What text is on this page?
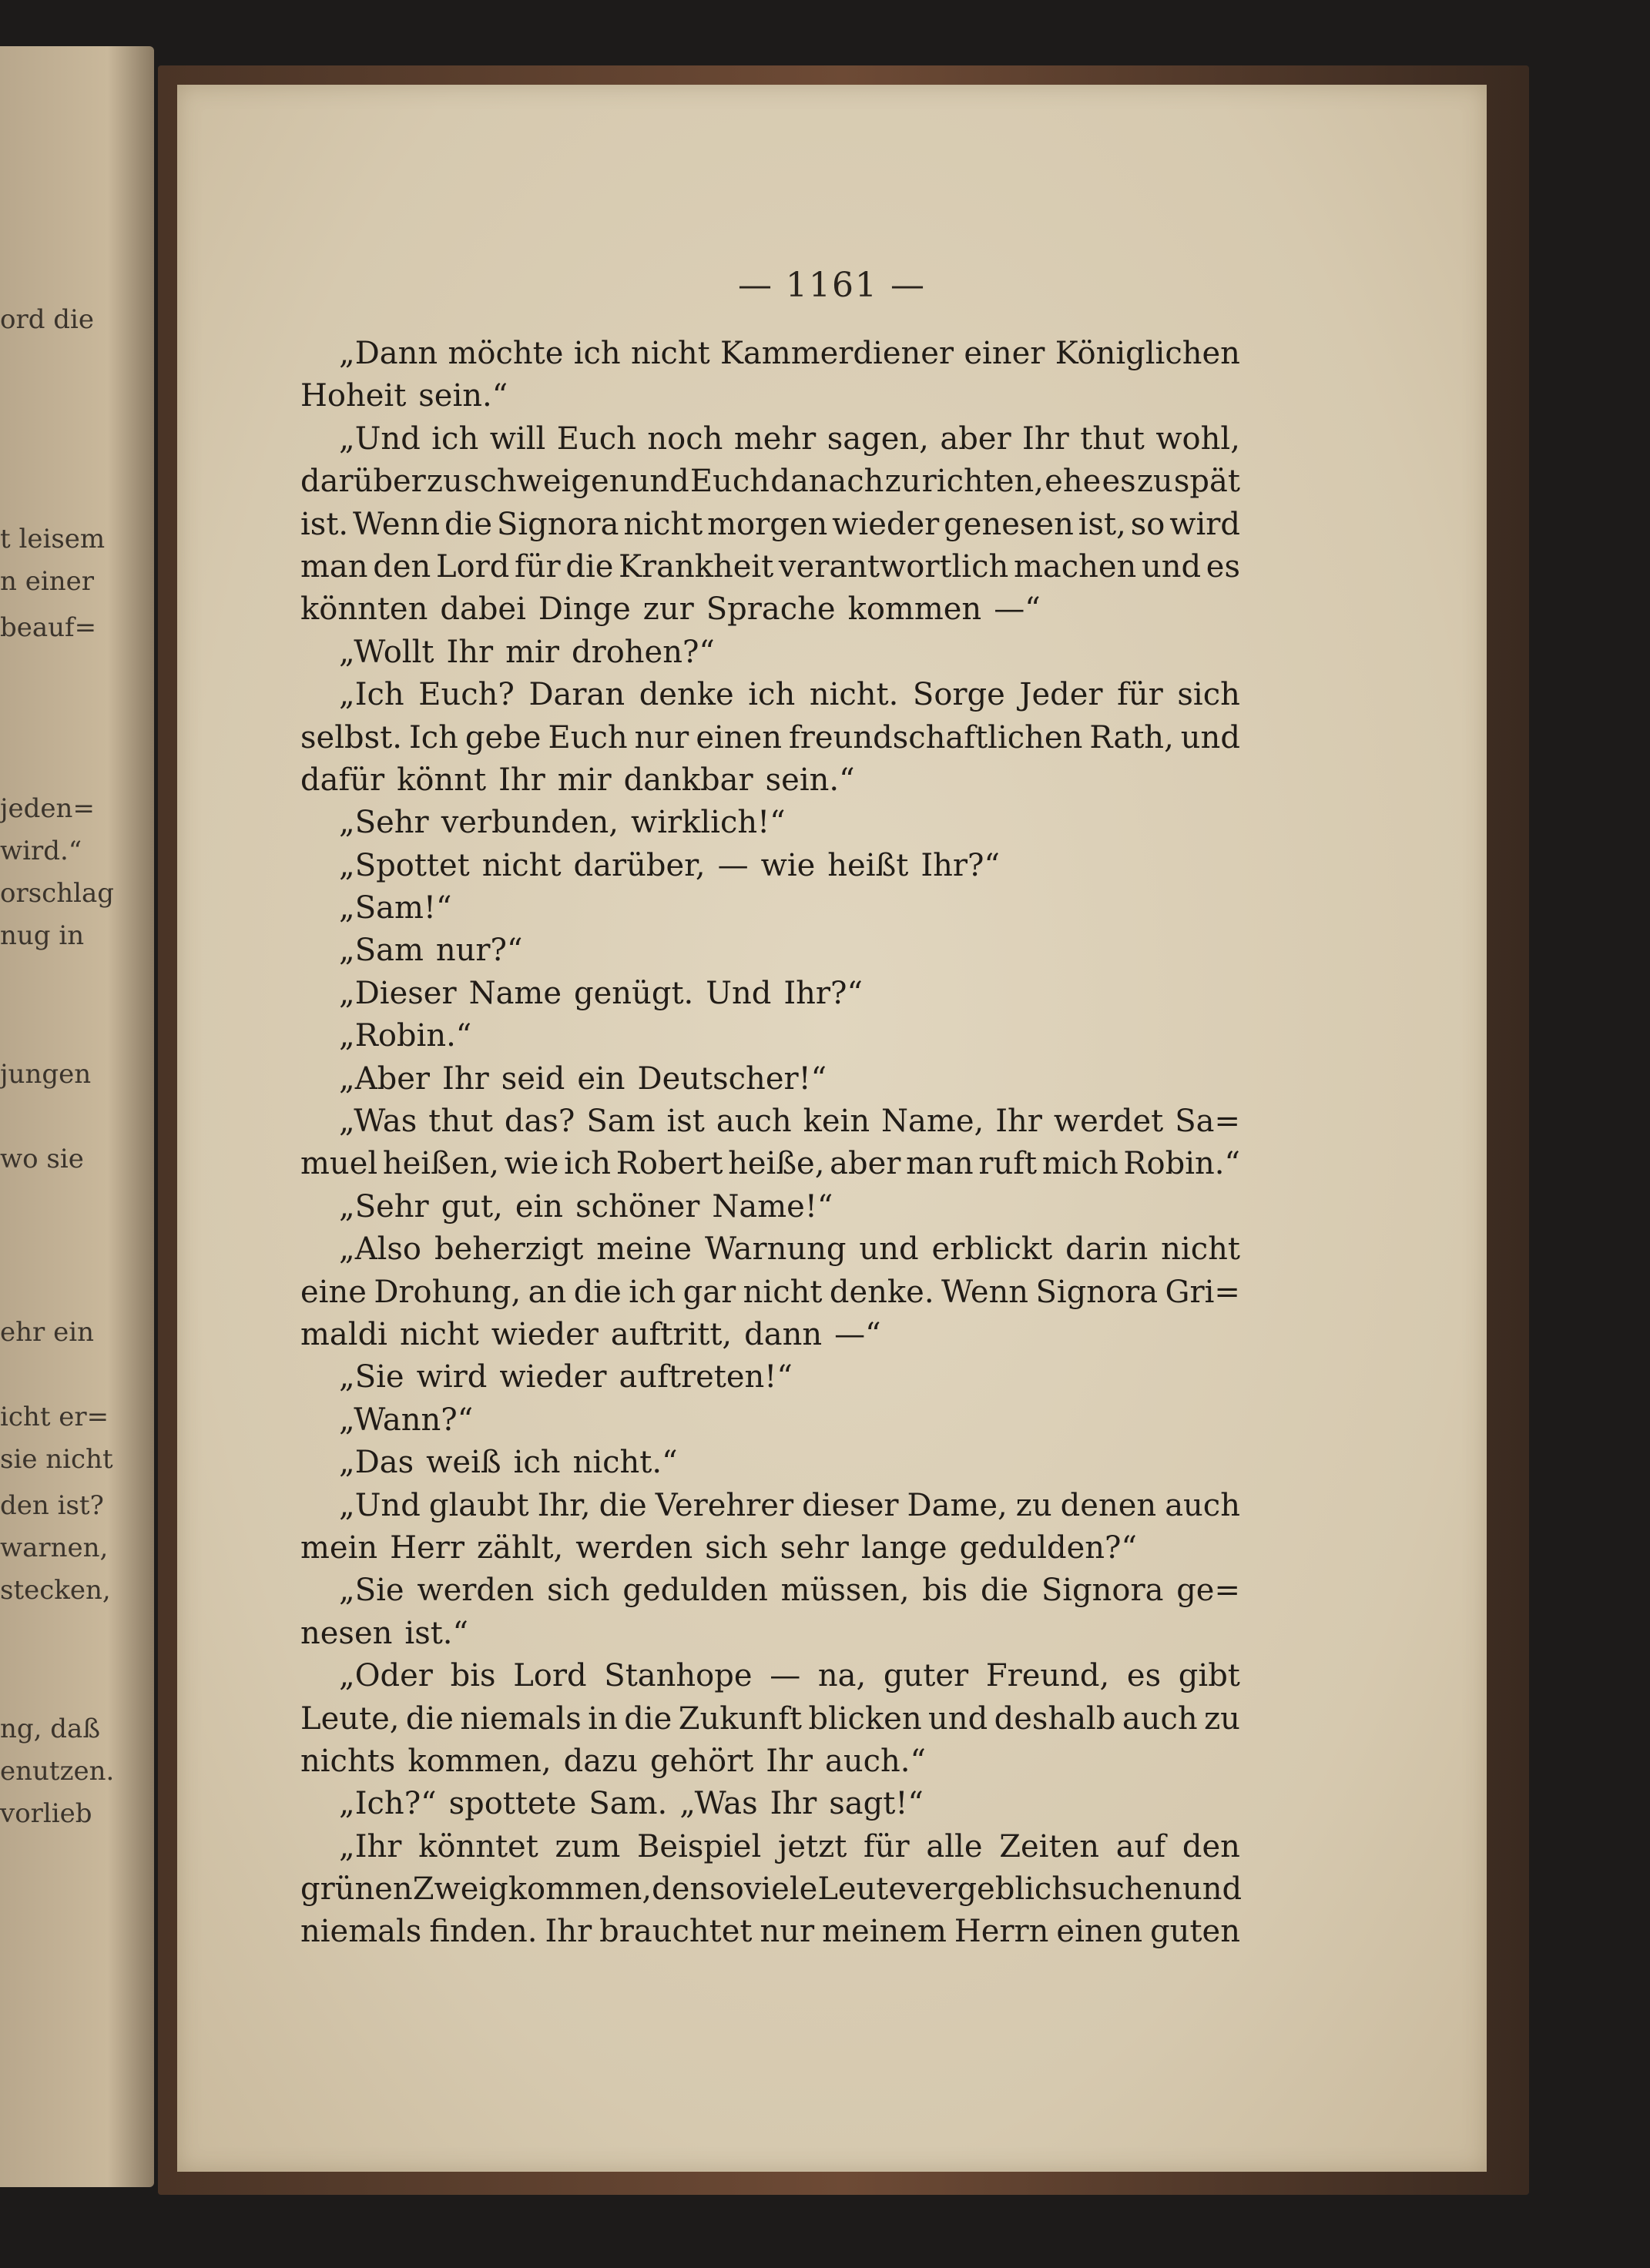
ord die
t leisem
n einer
beauf=
jeden=
wird.“
orschlag
nug in
jungen
wo sie
ehr ein
icht er=
sie nicht
den ist?
warnen,
stecken,
ng, daß
enutzen.
vorlieb
— 1161 —
„Dann möchte ich nicht Kammerdiener einer Königlichen
Hoheit sein.“
„Und ich will Euch noch mehr sagen, aber Ihr thut wohl,
darüber zu schweigen und Euch danach zu richten, ehe es zu spät
ist. Wenn die Signora nicht morgen wieder genesen ist, so wird
man den Lord für die Krankheit verantwortlich machen und es
könnten dabei Dinge zur Sprache kommen —“
„Wollt Ihr mir drohen?“
„Ich Euch? Daran denke ich nicht. Sorge Jeder für sich
selbst. Ich gebe Euch nur einen freundschaftlichen Rath, und
dafür könnt Ihr mir dankbar sein.“
„Sehr verbunden, wirklich!“
„Spottet nicht darüber, — wie heißt Ihr?“
„Sam!“
„Sam nur?“
„Dieser Name genügt. Und Ihr?“
„Robin.“
„Aber Ihr seid ein Deutscher!“
„Was thut das? Sam ist auch kein Name, Ihr werdet Sa=
muel heißen, wie ich Robert heiße, aber man ruft mich Robin.“
„Sehr gut, ein schöner Name!“
„Also beherzigt meine Warnung und erblickt darin nicht
eine Drohung, an die ich gar nicht denke. Wenn Signora Gri=
maldi nicht wieder auftritt, dann —“
„Sie wird wieder auftreten!“
„Wann?“
„Das weiß ich nicht.“
„Und glaubt Ihr, die Verehrer dieser Dame, zu denen auch
mein Herr zählt, werden sich sehr lange gedulden?“
„Sie werden sich gedulden müssen, bis die Signora ge=
nesen ist.“
„Oder bis Lord Stanhope — na, guter Freund, es gibt
Leute, die niemals in die Zukunft blicken und deshalb auch zu
nichts kommen, dazu gehört Ihr auch.“
„Ich?“ spottete Sam. „Was Ihr sagt!“
„Ihr könntet zum Beispiel jetzt für alle Zeiten auf den
grünen Zweig kommen, den so viele Leute vergeblich suchen und
niemals finden. Ihr brauchtet nur meinem Herrn einen guten
